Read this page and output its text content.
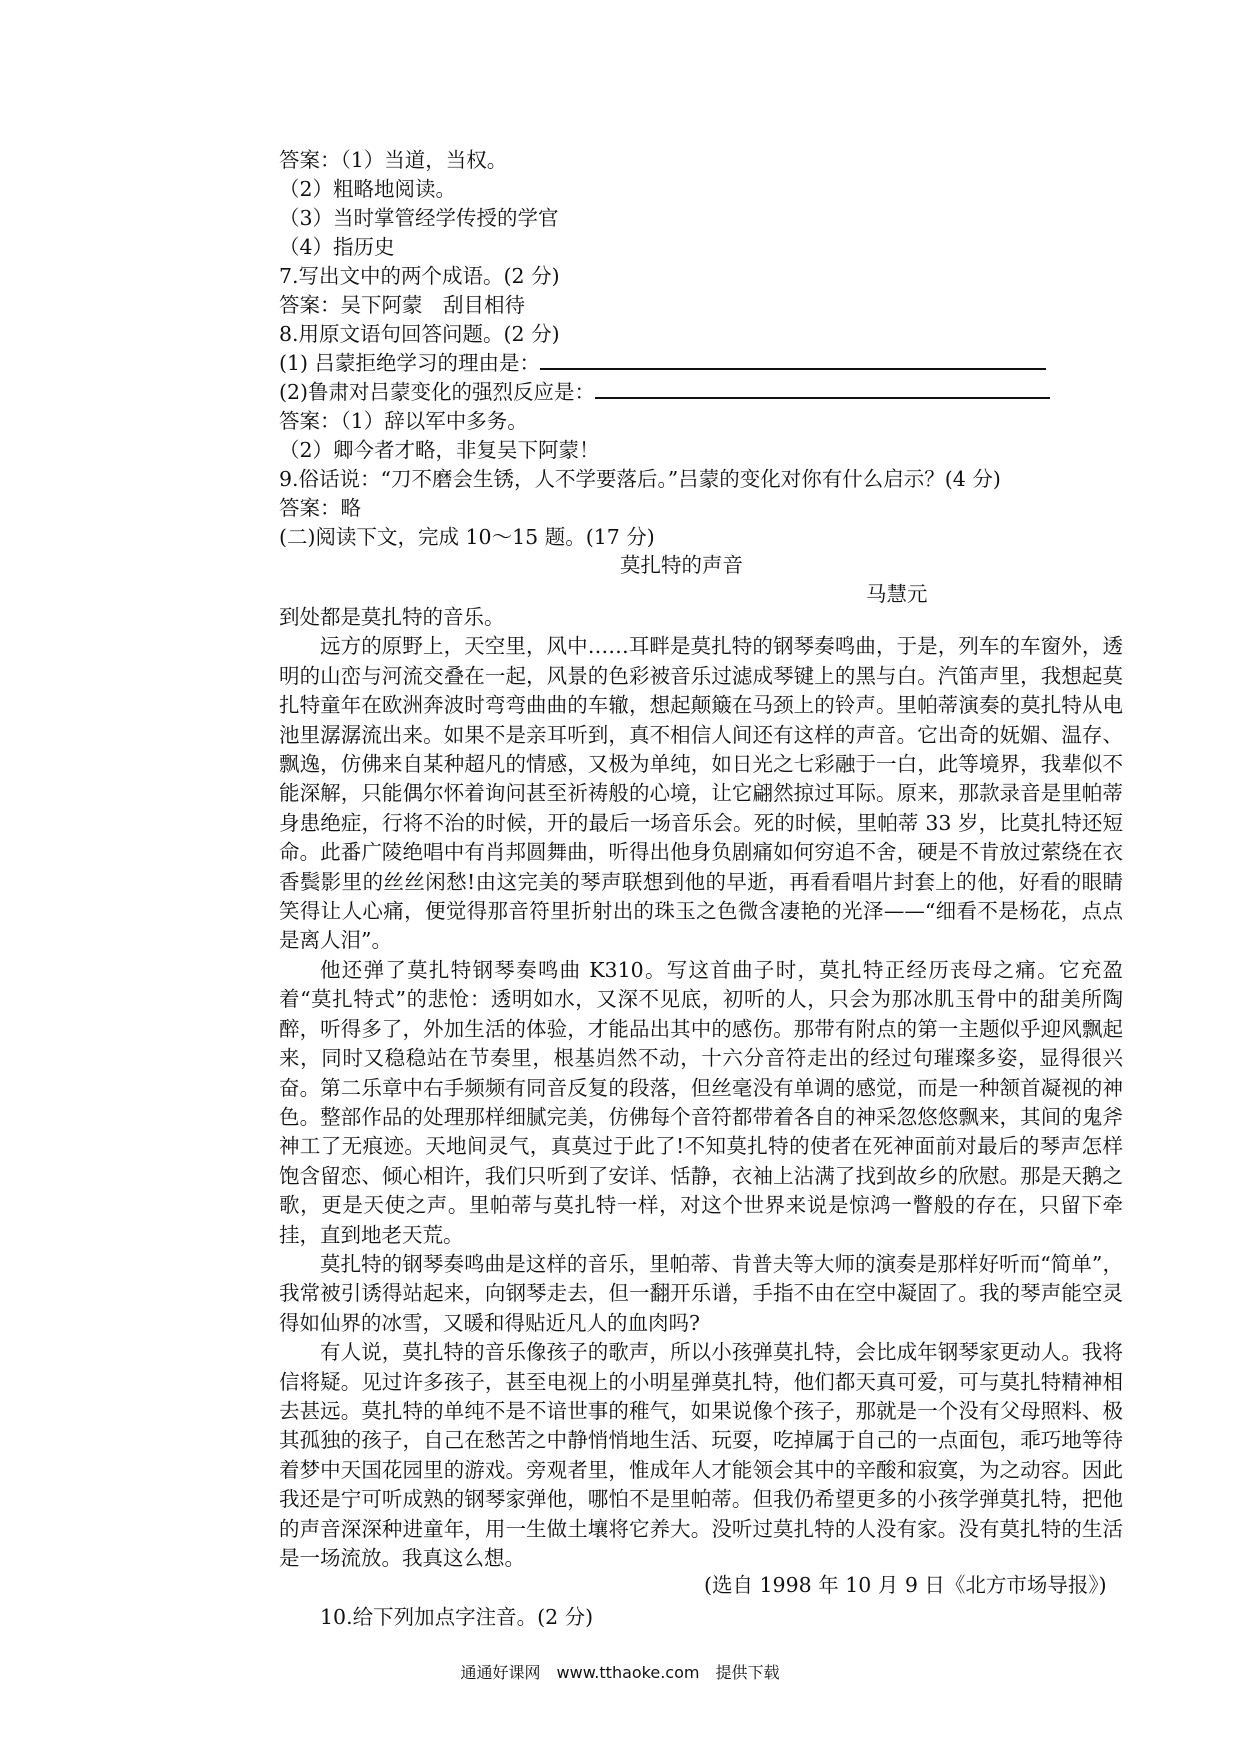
答案：（1）当道，当权。
（2）粗略地阅读。
（3）当时掌管经学传授的学官
（4）指历史
7.写出文中的两个成语。(2 分)
答案：吴下阿蒙　刮目相待
8.用原文语句回答问题。(2 分)
(1) 吕蒙拒绝学习的理由是：
(2)鲁肃对吕蒙变化的强烈反应是：
答案：（1）辞以军中多务。
（2）卿今者才略，非复吴下阿蒙！
9.俗话说：“刀不磨会生锈，人不学要落后。”吕蒙的变化对你有什么启示？(4 分)
答案：略
(二)阅读下文，完成 10～15 题。(17 分)
莫扎特的声音
马慧元

到处都是莫扎特的音乐。

远方的原野上，天空里，风中……耳畔是莫扎特的钢琴奏鸣曲，于是，列车的车窗外，透明的山峦与河流交叠在一起，风景的色彩被音乐过滤成琴键上的黑与白。汽笛声里，我想起莫扎特童年在欧洲奔波时弯弯曲曲的车辙，想起颠簸在马颈上的铃声。里帕蒂演奏的莫扎特从电池里潺潺流出来。如果不是亲耳听到，真不相信人间还有这样的声音。它出奇的妩媚、温存、飘逸，仿佛来自某种超凡的情感，又极为单纯，如日光之七彩融于一白，此等境界，我辈似不能深解，只能偶尔怀着询问甚至祈祷般的心境，让它翩然掠过耳际。原来，那款录音是里帕蒂身患绝症，行将不治的时候，开的最后一场音乐会。死的时候，里帕蒂 33 岁，比莫扎特还短命。此番广陵绝唱中有肖邦圆舞曲，听得出他身负剧痛如何穷追不舍，硬是不肯放过萦绕在衣香鬓影里的丝丝闲愁!由这完美的琴声联想到他的早逝，再看看唱片封套上的他，好看的眼睛笑得让人心痛，便觉得那音符里折射出的珠玉之色微含凄艳的光泽——“细看不是杨花，点点是离人泪”。

他还弹了莫扎特钢琴奏鸣曲 K310。写这首曲子时，莫扎特正经历丧母之痛。它充盈着“莫扎特式”的悲怆：透明如水，又深不见底，初听的人，只会为那冰肌玉骨中的甜美所陶醉，听得多了，外加生活的体验，才能品出其中的感伤。那带有附点的第一主题似乎迎风飘起来，同时又稳稳站在节奏里，根基岿然不动，十六分音符走出的经过句璀璨多姿，显得很兴奋。第二乐章中右手频频有同音反复的段落，但丝毫没有单调的感觉，而是一种颔首凝视的神色。整部作品的处理那样细腻完美，仿佛每个音符都带着各自的神采忽悠悠飘来，其间的鬼斧神工了无痕迹。天地间灵气，真莫过于此了!不知莫扎特的使者在死神面前对最后的琴声怎样饱含留恋、倾心相许，我们只听到了安详、恬静，衣袖上沾满了找到故乡的欣慰。那是天鹅之歌，更是天使之声。里帕蒂与莫扎特一样，对这个世界来说是惊鸿一瞥般的存在，只留下牵挂，直到地老天荒。

莫扎特的钢琴奏鸣曲是这样的音乐，里帕蒂、肯普夫等大师的演奏是那样好听而“简单”，我常被引诱得站起来，向钢琴走去，但一翻开乐谱，手指不由在空中凝固了。我的琴声能空灵得如仙界的冰雪，又暖和得贴近凡人的血肉吗?

有人说，莫扎特的音乐像孩子的歌声，所以小孩弹莫扎特，会比成年钢琴家更动人。我将信将疑。见过许多孩子，甚至电视上的小明星弹莫扎特，他们都天真可爱，可与莫扎特精神相去甚远。莫扎特的单纯不是不谙世事的稚气，如果说像个孩子，那就是一个没有父母照料、极其孤独的孩子，自己在愁苦之中静悄悄地生活、玩耍，吃掉属于自己的一点面包，乖巧地等待着梦中天国花园里的游戏。旁观者里，惟成年人才能领会其中的辛酸和寂寞，为之动容。因此我还是宁可听成熟的钢琴家弹他，哪怕不是里帕蒂。但我仍希望更多的小孩学弹莫扎特，把他的声音深深种进童年，用一生做土壤将它养大。没听过莫扎特的人没有家。没有莫扎特的生活是一场流放。我真这么想。

(选自 1998 年 10 月 9 日《北方市场导报》)
10.给下列加点字注音。(2 分)
通通好课网　www.tthaoke.com　提供下载
